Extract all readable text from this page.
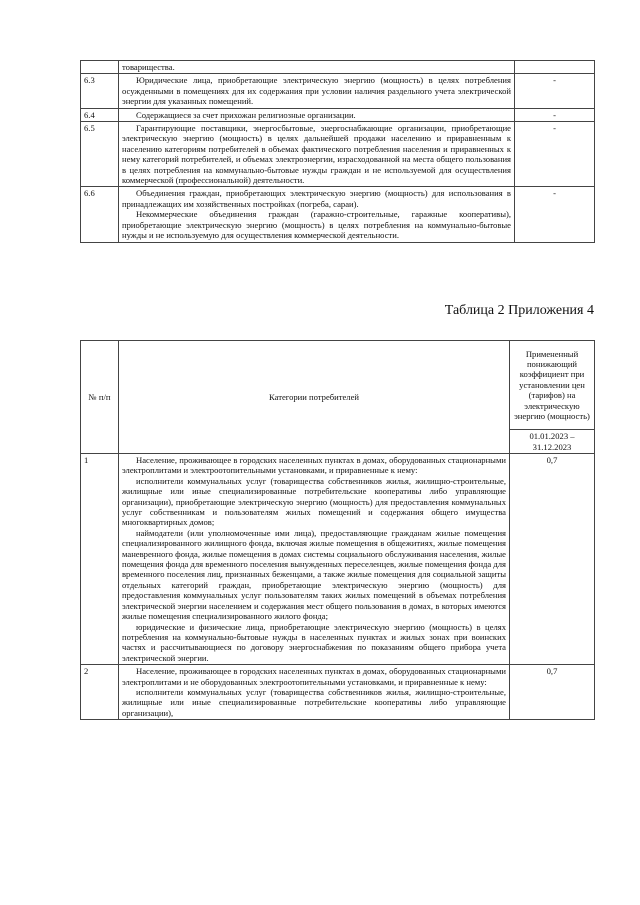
	товарищества.	

6.3	Юридические лица, приобретающие электрическую энергию (мощность) в целях потребления осужденными в помещениях для их содержания при условии наличия раздельного учета электрической энергии для указанных помещений.	-
6.4	Содержащиеся за счет прихожан религиозные организации.	-
6.5	Гарантирующие поставщики, энергосбытовые, энергоснабжающие организации, приобретающие электрическую энергию (мощность) в целях дальнейшей продажи населению и приравненным к населению категориям потребителей в объемах фактического потребления населения и приравненных к нему категорий потребителей, и объемах электроэнергии, израсходованной на места общего пользования в целях потребления на коммунально-бытовые нужды граждан и не используемой для осуществления коммерческой (профессиональной) деятельности.	-
6.6	Объединения граждан, приобретающих электрическую энергию (мощность) для использования в принадлежащих им хозяйственных постройках (погреба, сараи).
Некоммерческие объединения граждан (гаражно-строительные, гаражные кооперативы), приобретающие электрическую энергию (мощность) в целях потребления на коммунально-бытовые нужды и не используемую для осуществления коммерческой деятельности.	-
Таблица 2 Приложения 4
№ п/п	Категории потребителей	Примененный понижающий коэффициент при установлении цен (тарифов) на электрическую энергию (мощность)
		01.01.2023 – 31.12.2023
1	Население, проживающее в городских населенных пунктах в домах, оборудованных стационарными электроплитами и электроотопительными установками, и приравненные к нему:
исполнители коммунальных услуг (товарищества собственников жилья, жилищно-строительные, жилищные или иные специализированные потребительские кооперативы либо управляющие организации), приобретающие электрическую энергию (мощность) для предоставления коммунальных услуг собственникам и пользователям жилых помещений и содержания общего имущества многоквартирных домов;
наймодатели (или уполномоченные ими лица), предоставляющие гражданам жилые помещения специализированного жилищного фонда, включая жилые помещения в общежитиях, жилые помещения маневренного фонда, жилые помещения в домах системы социального обслуживания населения, жилые помещения фонда для временного поселения вынужденных переселенцев, жилые помещения фонда для временного поселения лиц, признанных беженцами, а также жилые помещения для социальной защиты отдельных категорий граждан, приобретающие электрическую энергию (мощность) для предоставления коммунальных услуг пользователям таких жилых помещений в объемах потребления электрической энергии населением и содержания мест общего пользования в домах, в которых имеются жилые помещения специализированного жилого фонда;
юридические и физические лица, приобретающие электрическую энергию (мощность) в целях потребления на коммунально-бытовые нужды в населенных пунктах и жилых зонах при воинских частях и рассчитывающиеся по договору энергоснабжения по показаниям общего прибора учета электрической энергии.	0,7
2	Население, проживающее в городских населенных пунктах в домах, оборудованных стационарными электроплитами и не оборудованных электроотопительными установками, и приравненные к нему:
исполнители коммунальных услуг (товарищества собственников жилья, жилищно-строительные, жилищные или иные специализированные потребительские кооперативы либо управляющие организации),	0,7
